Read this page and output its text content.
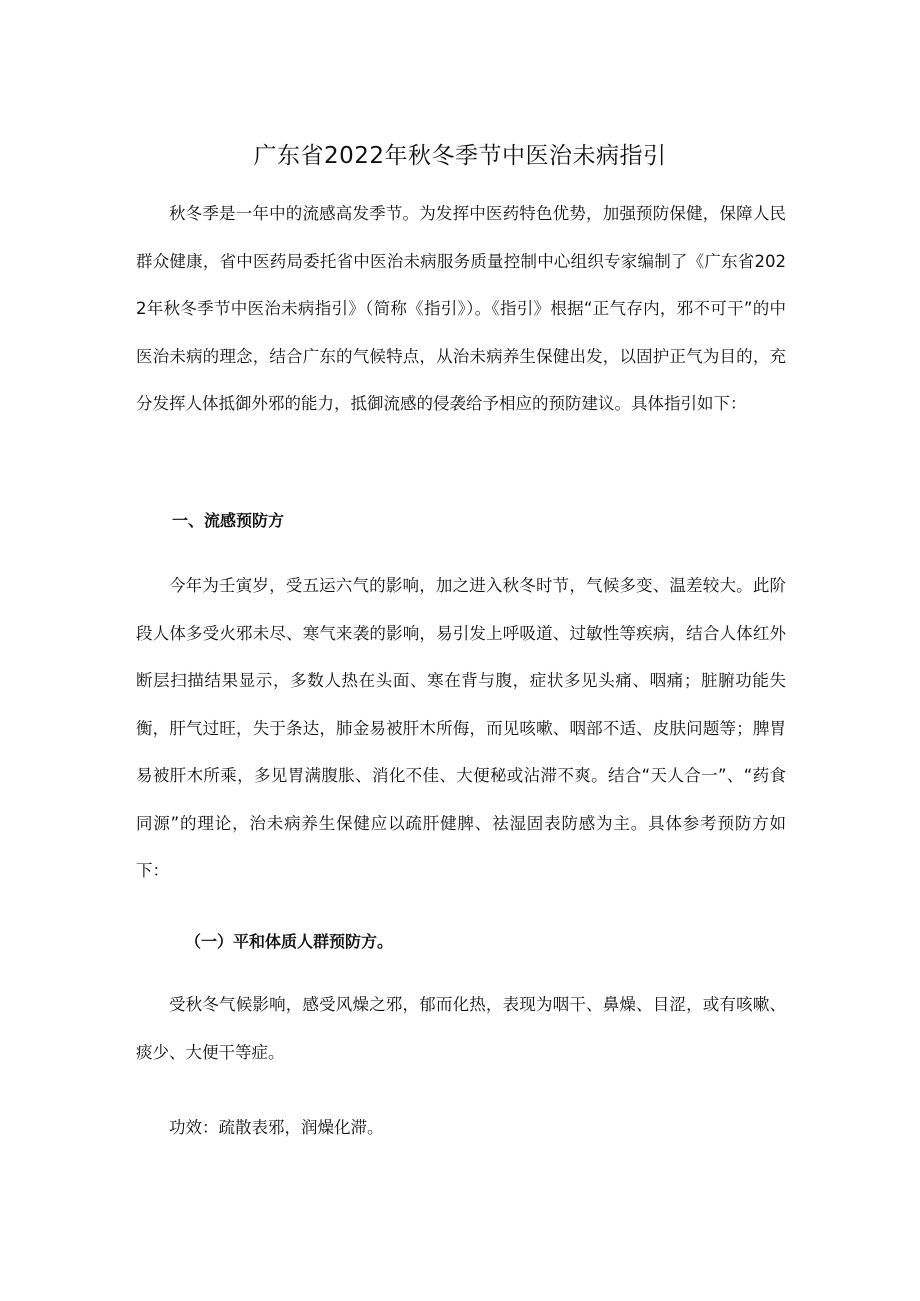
广东省2022年秋冬季节中医治未病指引

秋冬季是一年中的流感高发季节。为发挥中医药特色优势，加强预防保健，保障人民群众健康，省中医药局委托省中医治未病服务质量控制中心组织专家编制了《广东省2022年秋冬季节中医治未病指引》（简称《指引》）。《指引》根据“正气存内，邪不可干”的中医治未病的理念，结合广东的气候特点，从治未病养生保健出发，以固护正气为目的，充分发挥人体抵御外邪的能力，抵御流感的侵袭给予相应的预防建议。具体指引如下：

一、流感预防方

今年为壬寅岁，受五运六气的影响，加之进入秋冬时节，气候多变、温差较大。此阶段人体多受火邪未尽、寒气来袭的影响，易引发上呼吸道、过敏性等疾病，结合人体红外断层扫描结果显示，多数人热在头面、寒在背与腹，症状多见头痛、咽痛；脏腑功能失衡，肝气过旺，失于条达，肺金易被肝木所侮，而见咳嗽、咽部不适、皮肤问题等；脾胃易被肝木所乘，多见胃满腹胀、消化不佳、大便秘或沾滞不爽。结合“天人合一”、“药食同源”的理论，治未病养生保健应以疏肝健脾、祛湿固表防感为主。具体参考预防方如下：

（一）平和体质人群预防方。

受秋冬气候影响，感受风燥之邪，郁而化热，表现为咽干、鼻燥、目涩，或有咳嗽、痰少、大便干等症。

功效：疏散表邪，润燥化滞。
